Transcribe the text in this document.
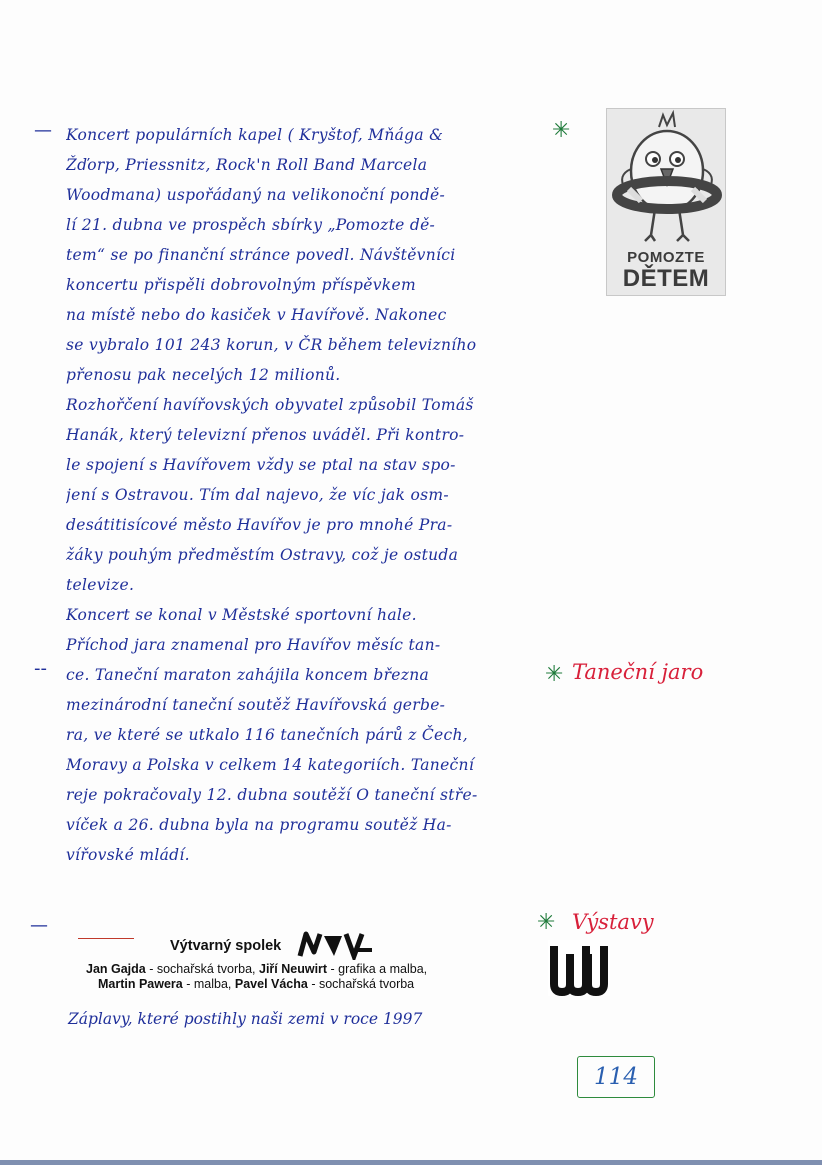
—
--
—
✳
✳
✳
Taneční jaro
Výstavy
Koncert populárních kapel ( Kryštof, Mňága &
Žďorp, Priessnitz, Rock'n Roll Band Marcela
Woodmana) uspořádaný na velikonoční pondě-
lí 21. dubna ve prospěch sbírky „Pomozte dě-
tem“ se po finanční stránce povedl. Návštěvníci
koncertu přispěli dobrovolným příspěvkem
na místě nebo do kasiček v Havířově. Nakonec
se vybralo 101 243 korun, v ČR během televizního
přenosu pak necelých 12 milionů.
Rozhořčení havířovských obyvatel způsobil Tomáš
Hanák, který televizní přenos uváděl. Při kontro-
le spojení s Havířovem vždy se ptal na stav spo-
jení s Ostravou. Tím dal najevo, že víc jak osm-
desátitisícové město Havířov je pro mnohé Pra-
žáky pouhým předměstím Ostravy, což je ostuda
televize.
Koncert se konal v Městské sportovní hale.
Příchod jara znamenal pro Havířov měsíc tan-
ce. Taneční maraton zahájila koncem března
mezinárodní taneční soutěž Havířovská gerbe-
ra, ve které se utkalo 116 tanečních párů z Čech,
Moravy a Polska v celkem 14 kategoriích. Taneční
reje pokračovaly 12. dubna soutěží O taneční stře-
víček a 26. dubna byla na programu soutěž Ha-
vířovské mládí.
POMOZTE
DĚTEM
Výtvarný spolek
Jan Gajda - sochařská tvorba, Jiří Neuwirt - grafika a malba,
Martin Pawera - malba, Pavel Vácha - sochařská tvorba
Záplavy, které postihly naši zemi v roce 1997
114
